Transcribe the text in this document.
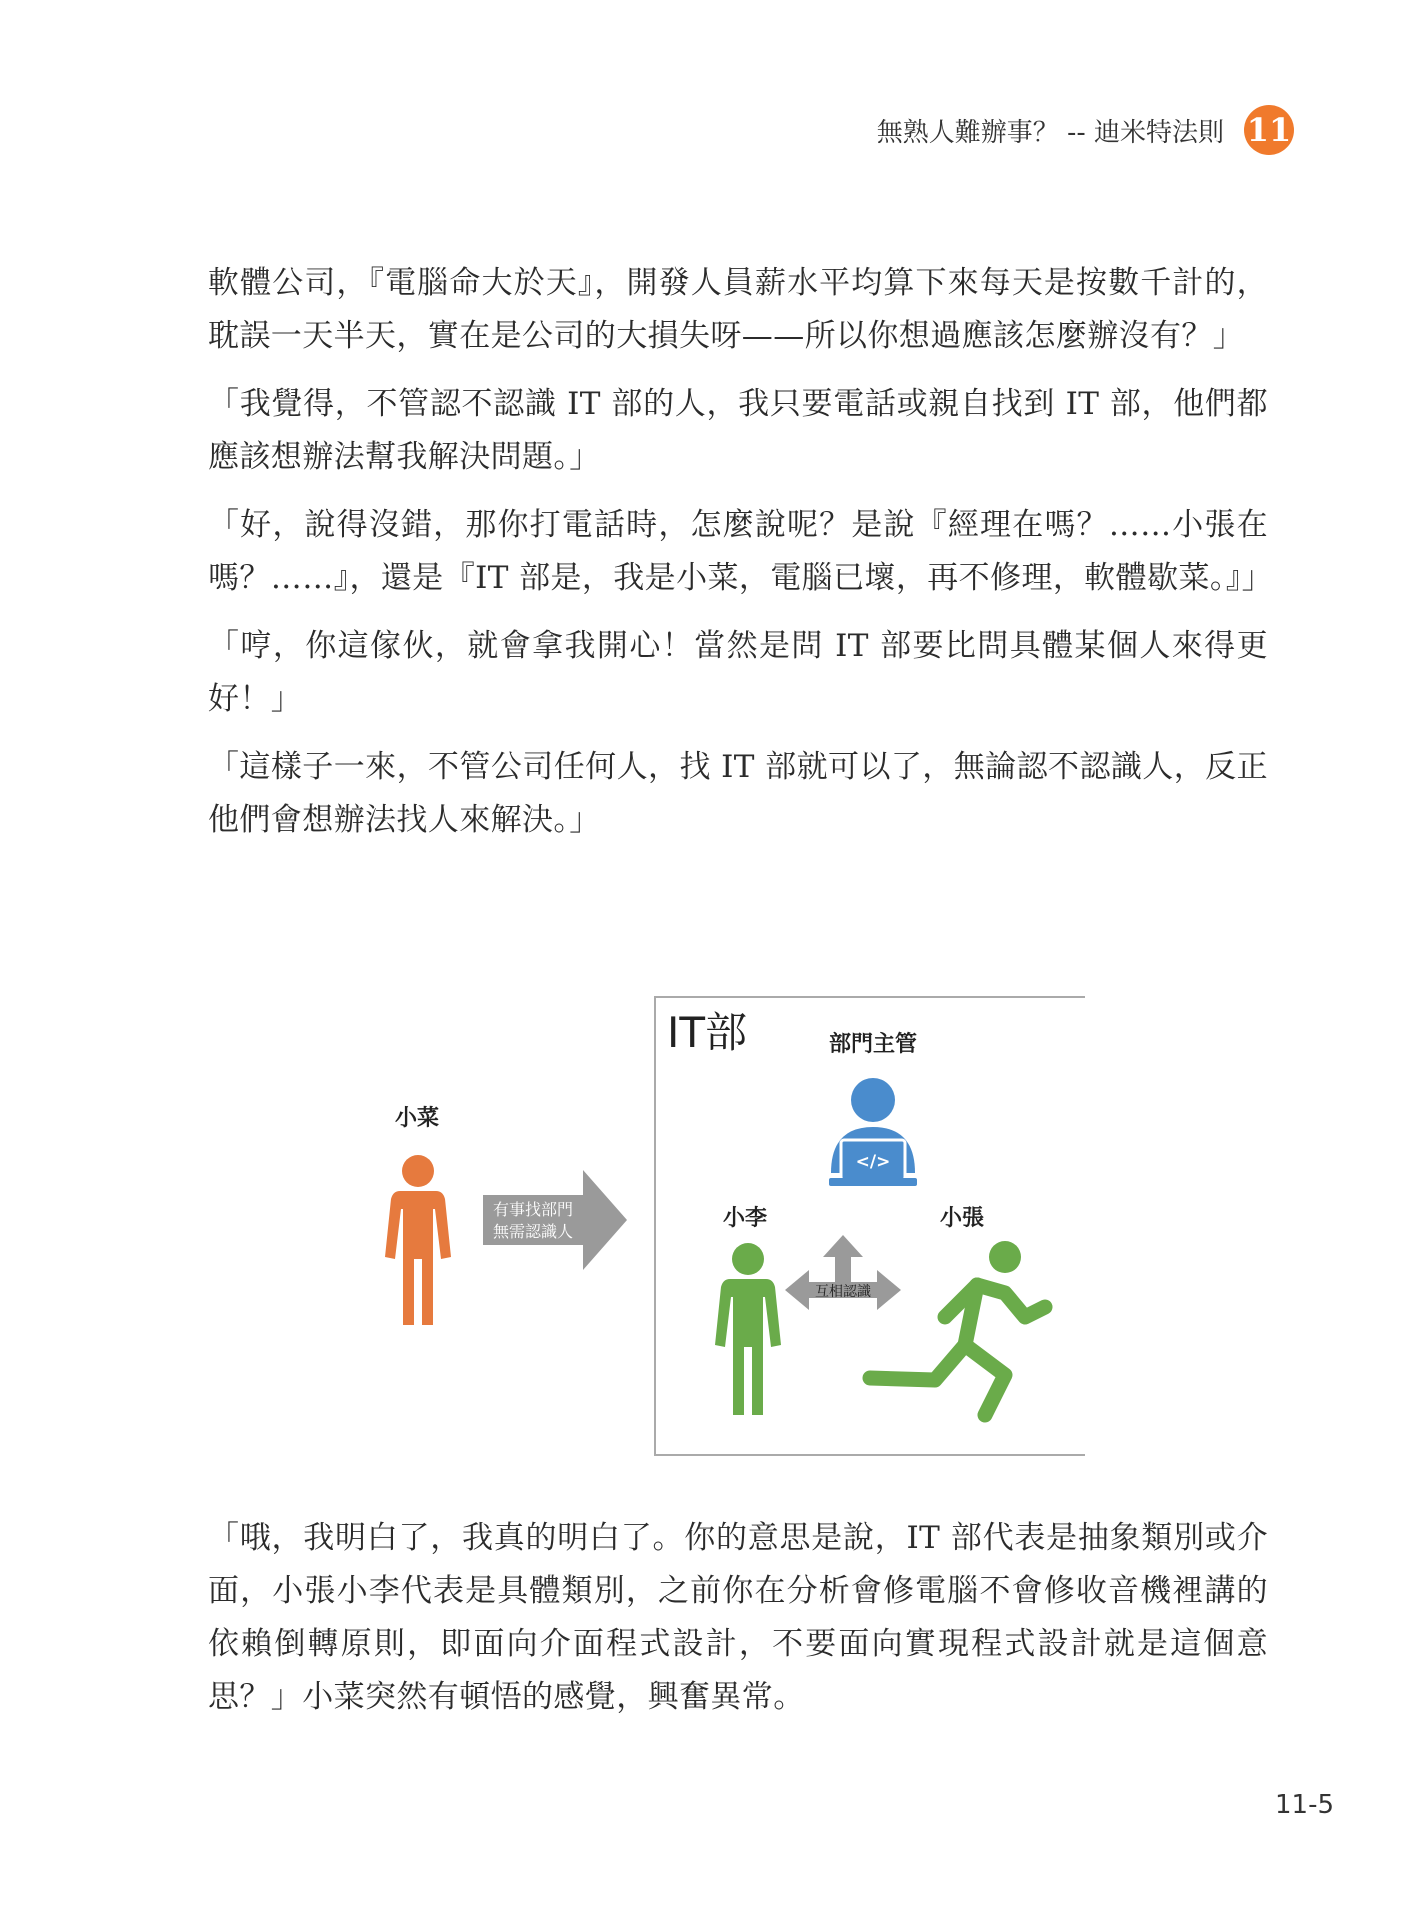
無熟人難辦事？ -- 迪米特法則 11

軟體公司，『電腦命大於天』，開發人員薪水平均算下來每天是按數千計的，耽誤一天半天，實在是公司的大損失呀——所以你想過應該怎麼辦沒有？」

「我覺得，不管認不認識 IT 部的人，我只要電話或親自找到 IT 部，他們都應該想辦法幫我解決問題。」

「好，說得沒錯，那你打電話時，怎麼說呢？是說『經理在嗎？……小張在嗎？……』，還是『IT 部是，我是小菜，電腦已壞，再不修理，軟體歇菜。』」

「哼，你這傢伙，就會拿我開心！當然是問 IT 部要比問具體某個人來得更好！」

「這樣子一來，不管公司任何人，找 IT 部就可以了，無論認不認識人，反正他們會想辦法找人來解決。」

IT部	部門主管
</>
小菜
有事找部門
無需認識人
小李
互相認識
小張

「哦，我明白了，我真的明白了。你的意思是說，IT 部代表是抽象類別或介面，小張小李代表是具體類別，之前你在分析會修電腦不會修收音機裡講的依賴倒轉原則，即面向介面程式設計，不要面向實現程式設計就是這個意思？」小菜突然有頓悟的感覺，興奮異常。

11-5
